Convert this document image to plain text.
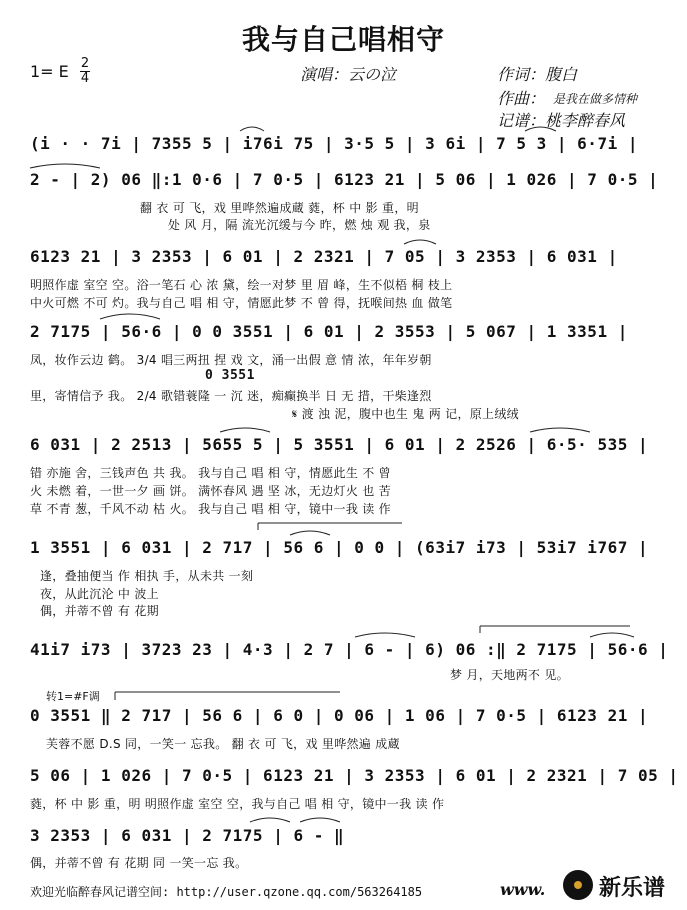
我与自己唱相守
1= E 2
4	演唱：云の泣	作词：腹白
作曲： 是我在做多情种
记谱：桃李醉春风
(i · · 7i | 7355 5 | i76i 75 | 3·5 5 | 3 6i | 7 5 3 | 6·7i |
2 - | 2) 06 ‖:1 0·6 | 7 0·5 | 6123 21 | 5 06 | 1 026 | 7 0·5 |
翻 衣 可 飞，戏 里哗然遍成蔵 蕤，杯 中 影 重，明
处 风 月，隔 流光沉缓与今 昨，燃 烛 观 我，泉
6123 21 | 3 2353 | 6 01 | 2 2321 | 7 05 | 3 2353 | 6 031 |
明照作虚 室空 空。浴一笔石 心 浓 黛，绘一对梦 里 眉 峰，生不似梧 桐 枝上
中火可燃 不可 灼。我与自己 唱 相 守，情愿此梦 不 曾 得，抚喉间热 血 做笔
2 7175 | 56·6 | 0 0 3551 | 6 01 | 2 3553 | 5 067 | 1 3351 |
凤，妆作云边 鹤。 3/4 唱三两扭 捏 戏 文，涌一出假 意 情 浓，年年岁朝
0 3551
里，寄情信予 我。 2/4 歌错蓑隆 一 沉 迷，痴癫换半 日 无 措，干柴逢烈
𝄋 渡 浊 泥，腹中也生 鬼 两 记，原上绒绒
6 031 | 2 2513 | 5655 5 | 5 3551 | 6 01 | 2 2526 | 6·5· 535 |
错 亦施 舍，三钱声色 共 我。 我与自己 唱 相 守，情愿此生 不 曾
火 未燃 着，一世一夕 画 饼。 满怀春风 遇 坚 冰，无边灯火 也 苦
草 不青 葱，千风不动 枯 火。 我与自己 唱 相 守，镜中一我 读 作
1 3551 | 6 031 | 2 717 | 56 6 | 0 0 | (63i7 i73 | 53i7 i767 |
逢，叠抽便当 作 相执 手，从未共 一刻
夜，从此沉沦 中 波上
偶，并蒂不曾 有 花期
41i7 i73 | 3723 23 | 4·3 | 2 7 | 6 - | 6) 06 :‖ 2 7175 | 56·6 |
梦 月，天地两不 见。
转1=#F调
0 3551 ‖ 2 717 | 56 6 | 6 0 | 0 06 | 1 06 | 7 0·5 | 6123 21 |
芙蓉不愿 D.S 同，一笑一 忘我。 翻 衣 可 飞，戏 里哗然遍 成蔵
5 06 | 1 026 | 7 0·5 | 6123 21 | 3 2353 | 6 01 | 2 2321 | 7 05 |
蕤，杯 中 影 重，明 明照作虚 室空 空，我与自己 唱 相 守，镜中一我 读 作
3 2353 | 6 031 | 2 7175 | 6 - ‖
偶，并蒂不曾 有 花期 同 一笑一忘 我。
欢迎光临醉春风记谱空间: http://user.qzone.qq.com/563264185	www. 新乐谱
